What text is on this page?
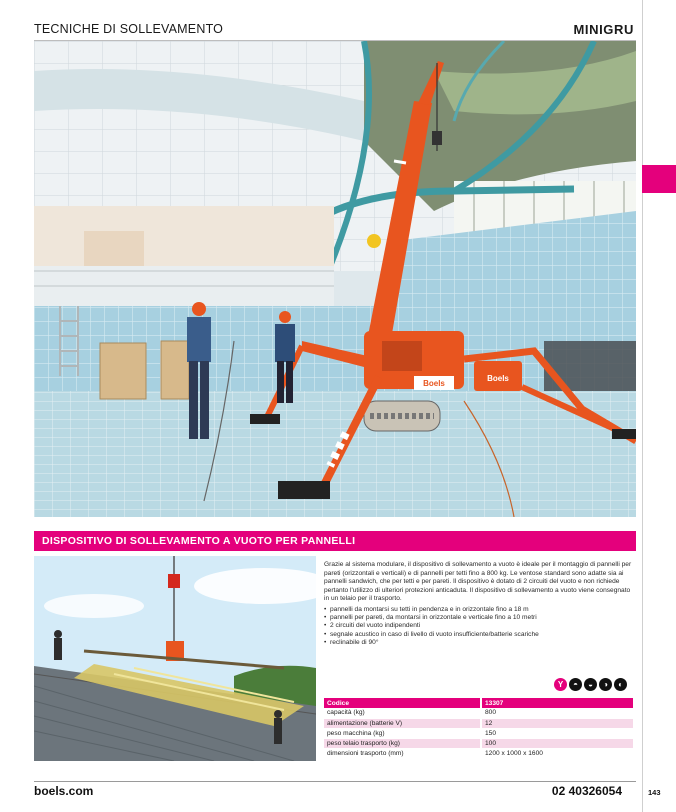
TECNICHE DI SOLLEVAMENTO	MINIGRU
Boels
Boels
DISPOSITIVO DI SOLLEVAMENTO A VUOTO PER PANNELLI

Grazie al sistema modulare, il dispositivo di sollevamento a vuoto è ideale per il montaggio di pannelli per pareti (orizzontali e verticali) e di pannelli per tetti fino a 800 kg. Le ventose standard sono adatte sia ai pannelli sandwich, che per tetti e per pareti. Il dispositivo è dotato di 2 circuiti del vuoto e non richiede pertanto l'utilizzo di ulteriori protezioni anticaduta. Il dispositivo di sollevamento a vuoto viene consegnato in un telaio per il trasporto.

• pannelli da montarsi su tetti in pendenza e in orizzontale fino a 18 m
• pannelli per pareti, da montarsi in orizzontale e verticale fino a 10 metri
• 2 circuiti del vuoto indipendenti
• segnale acustico in caso di livello di vuoto insufficiente/batterie scariche
• reclinabile di 90°
Y	◓	◒	◑	◐
Codice	13307
capacità (kg)	800
alimentazione (batterie V)	12
peso macchina (kg)	150
peso telaio trasporto (kg)	100
dimensioni trasporto (mm)	1200 x 1000 x 1600
boels.com	02 40326054	143
